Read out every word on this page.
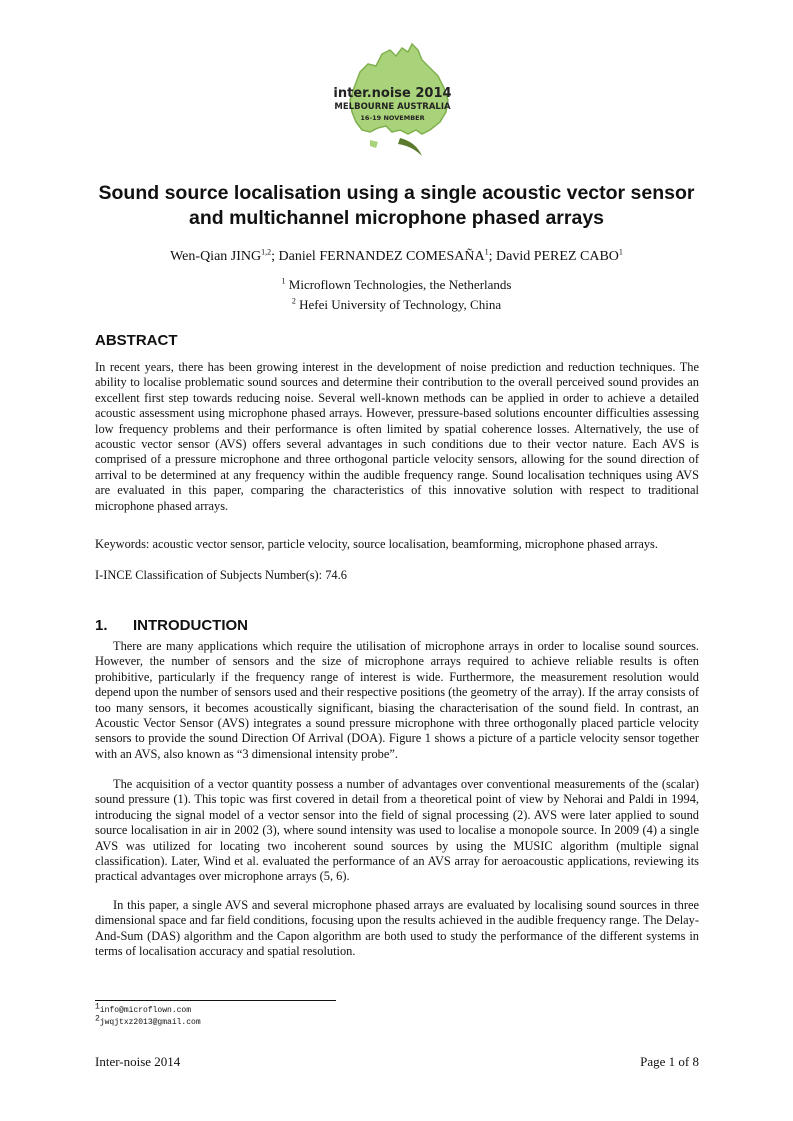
inter.noise 2014
MELBOURNE AUSTRALIA
16-19 NOVEMBER
Sound source localisation using a single acoustic vector sensor
and multichannel microphone phased arrays
Wen-Qian JING$^{1,2}$; Daniel FERNANDEZ COMESAÑA$^1$; David PEREZ CABO$^1$
$^1$ Microflown Technologies, the Netherlands
$^2$ Hefei University of Technology, China
ABSTRACT

In recent years, there has been growing interest in the development of noise prediction and reduction techniques. The ability to localise problematic sound sources and determine their contribution to the overall perceived sound provides an excellent first step towards reducing noise. Several well-known methods can be applied in order to achieve a detailed acoustic assessment using microphone phased arrays. However, pressure-based solutions encounter difficulties assessing low frequency problems and their performance is often limited by spatial coherence losses. Alternatively, the use of acoustic vector sensor (AVS) offers several advantages in such conditions due to their vector nature. Each AVS is comprised of a pressure microphone and three orthogonal particle velocity sensors, allowing for the sound direction of arrival to be determined at any frequency within the audible frequency range. Sound localisation techniques using AVS are evaluated in this paper, comparing the characteristics of this innovative solution with respect to traditional microphone phased arrays.

Keywords: acoustic vector sensor, particle velocity, source localisation, beamforming, microphone phased arrays.

I-INCE Classification of Subjects Number(s): 74.6

1. INTRODUCTION

There are many applications which require the utilisation of microphone arrays in order to localise sound sources. However, the number of sensors and the size of microphone arrays required to achieve reliable results is often prohibitive, particularly if the frequency range of interest is wide. Furthermore, the measurement resolution would depend upon the number of sensors used and their respective positions (the geometry of the array). If the array consists of too many sensors, it becomes acoustically significant, biasing the characterisation of the sound field. In contrast, an Acoustic Vector Sensor (AVS) integrates a sound pressure microphone with three orthogonally placed particle velocity sensors to provide the sound Direction Of Arrival (DOA). Figure 1 shows a picture of a particle velocity sensor together with an AVS, also known as “3 dimensional intensity probe”.

The acquisition of a vector quantity possess a number of advantages over conventional measurements of the (scalar) sound pressure (1). This topic was first covered in detail from a theoretical point of view by Nehorai and Paldi in 1994, introducing the signal model of a vector sensor into the field of signal processing (2). AVS were later applied to sound source localisation in air in 2002 (3), where sound intensity was used to localise a monopole source. In 2009 (4) a single AVS was utilized for locating two incoherent sound sources by using the MUSIC algorithm (multiple signal classification). Later, Wind et al. evaluated the performance of an AVS array for aeroacoustic applications, reviewing its practical advantages over microphone arrays (5, 6).

In this paper, a single AVS and several microphone phased arrays are evaluated by localising sound sources in three dimensional space and far field conditions, focusing upon the results achieved in the audible frequency range. The Delay-And-Sum (DAS) algorithm and the Capon algorithm are both used to study the performance of the different systems in terms of localisation accuracy and spatial resolution.

$^1$info@microflown.com
$^2$jwqjtxz2013@gmail.com
Inter-noise 2014	Page 1 of 8
